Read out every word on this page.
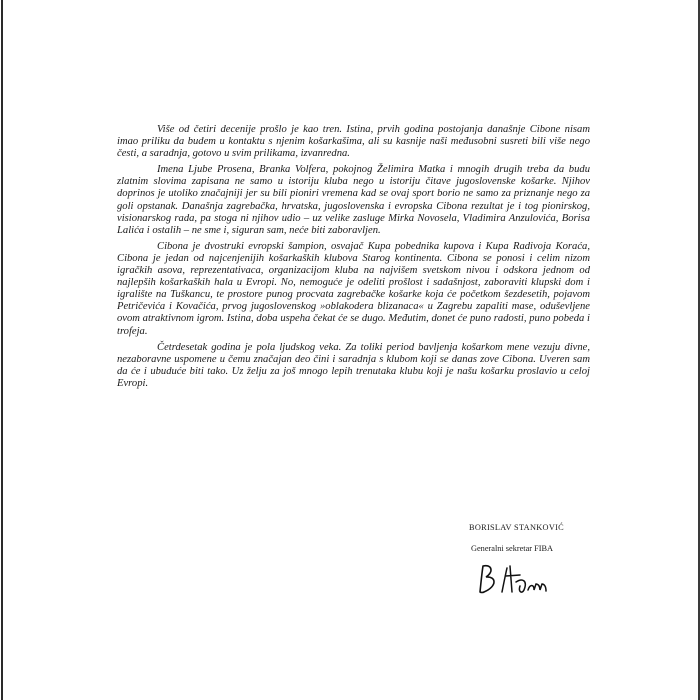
Više od četiri decenije prošlo je kao tren. Istina, prvih godina postojanja današnje Cibone nisam imao priliku da budem u kontaktu s njenim košarkašima, ali su kasnije naši međusobni susreti bili više nego česti, a saradnja, gotovo u svim prilikama, izvanredna.

Imena Ljube Prosena, Branka Volfera, pokojnog Želimira Matka i mnogih drugih treba da budu zlatnim slovima zapisana ne samo u istoriju kluba nego u istoriju čitave jugoslovenske košarke. Njihov doprinos je utoliko značajniji jer su bili pioniri vremena kad se ovaj sport borio ne samo za priznanje nego za goli opstanak. Današnja zagrebačka, hrvatska, jugoslovenska i evropska Cibona rezultat je i tog pionirskog, visionarskog rada, pa stoga ni njihov udio – uz velike zasluge Mirka Novosela, Vladimira Anzulovića, Borisa Lalića i ostalih – ne sme i, siguran sam, neće biti zaboravljen.

Cibona je dvostruki evropski šampion, osvajač Kupa pobednika kupova i Kupa Radivoja Koraća, Cibona je jedan od najcenjenijih košarkaških klubova Starog kontinenta. Cibona se ponosi i celim nizom igračkih asova, reprezentativaca, organizacijom kluba na najvišem svetskom nivou i odskora jednom od najlepših košarkaških hala u Evropi. No, nemoguće je odeliti prošlost i sadašnjost, zaboraviti klupski dom i igralište na Tuškancu, te prostore punog procvata zagrebačke košarke koja će početkom šezdesetih, pojavom Petričevića i Kovačića, prvog jugoslovenskog »oblakodera blizanaca« u Zagrebu zapaliti mase, oduševljene ovom atraktivnom igrom. Istina, doba uspeha čekat će se dugo. Međutim, donet će puno radosti, puno pobeda i trofeja.

Četrdesetak godina je pola ljudskog veka. Za toliki period bavljenja košarkom mene vezuju divne, nezaboravne uspomene u čemu značajan deo čini i saradnja s klubom koji se danas zove Cibona. Uveren sam da će i ubuduće biti tako. Uz želju za još mnogo lepih trenutaka klubu koji je našu košarku proslavio u celoj Evropi.

BORISLAV STANKOVIĆ
Generalni sekretar FIBA
